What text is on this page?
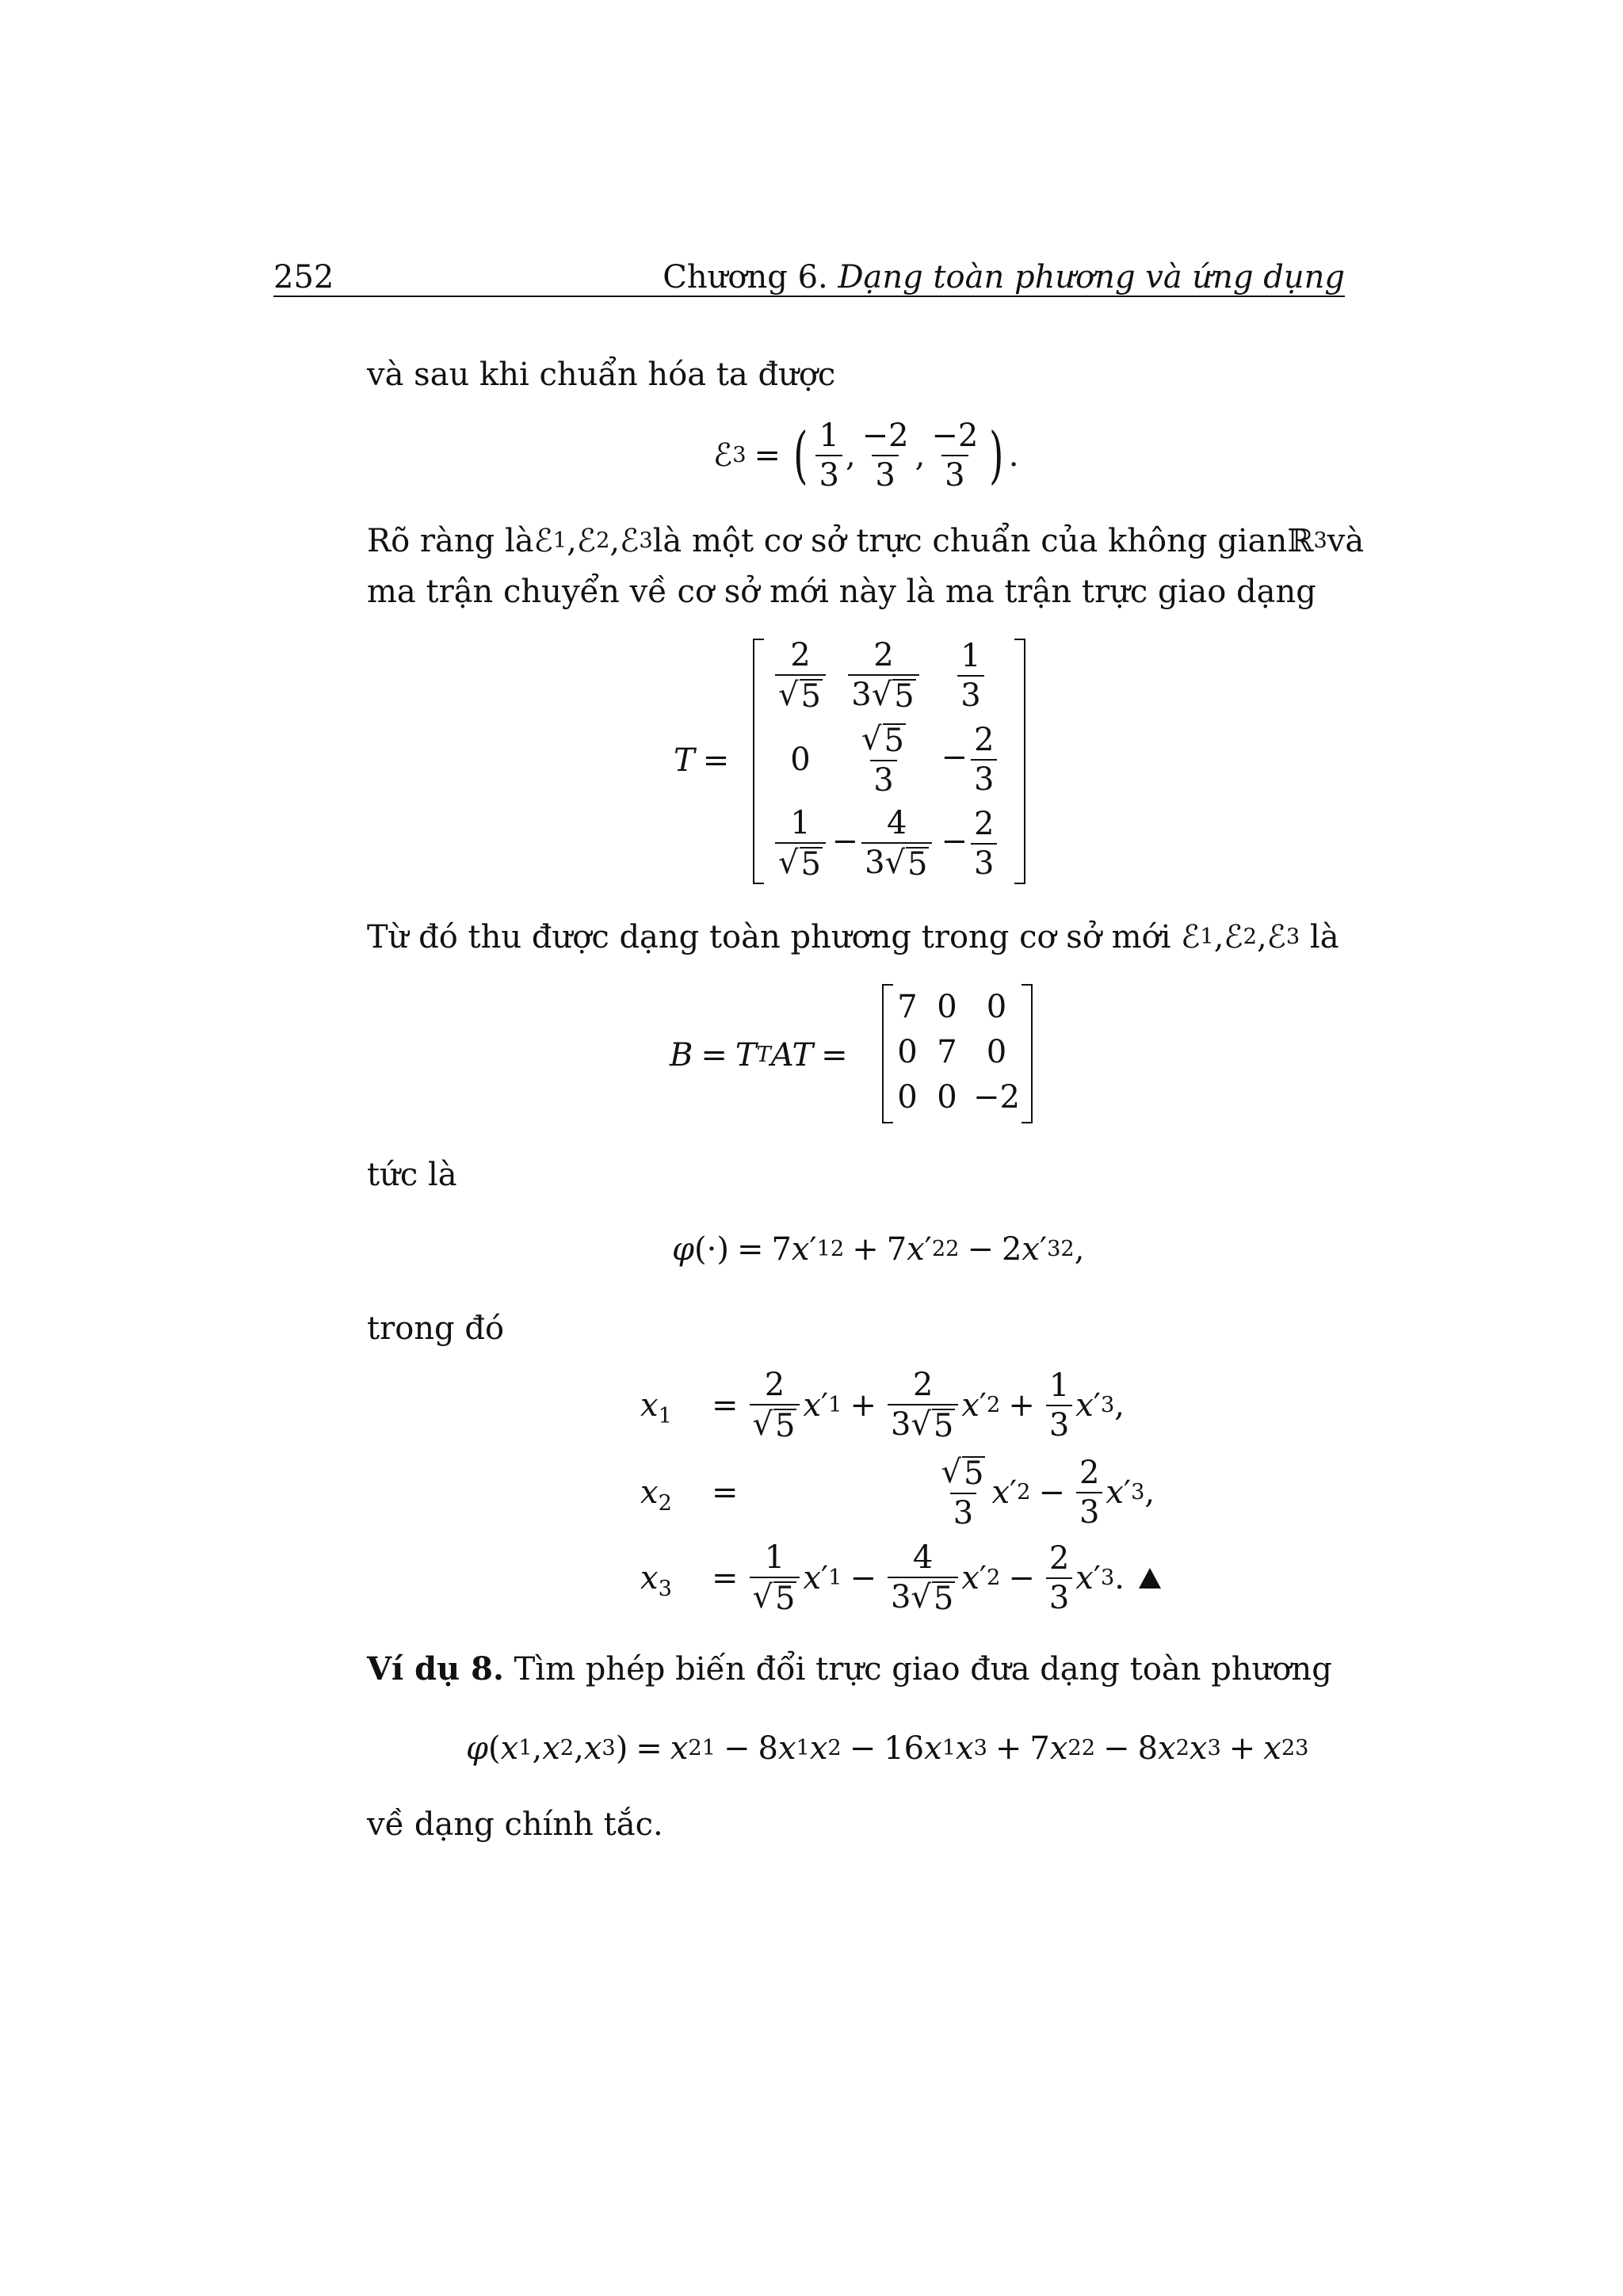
252	Chương 6. Dạng toàn phương và ứng dụng
và sau khi chuẩn hóa ta được
ℰ 3 = ( $\frac{1}{3}$ , $\frac{-2}{3}$ , $\frac{-2}{3}$ ) .
Rõ ràng là ℰ 1 , ℰ 2 , ℰ 3 là một cơ sở trực chuẩn của không gian ℝ 3 và
ma trận chuyển về cơ sở mới này là ma trận trực giao dạng
T =
$\frac{2}{√ 5} \frac{2}{3 √ 5} \frac{1}{3}$
$0 \frac{√ 5}{3} - \frac{2}{3}$
$\frac{1}{√ 5} - \frac{4}{3 √ 5} - \frac{2}{3}$
Từ đó thu được dạng toàn phương trong cơ sở mới ℰ 1 , ℰ 2 , ℰ 3 là
B = T T AT =
7 0 0
0 7 0
0 0 −2
tức là
φ (·) = 7 x ′ 1 2 + 7 x ′ 2 2 − 2 x ′ 3 2 ,
trong đó
$x_1$	= $\frac{2}{√ 5}$ x ′ $1 + \frac{2}{3 √ 5}$ x ′ $2 + \frac{1}{3}$ x ′ 3 ,
$x_2$	=	$\frac{√ 5}{3}$ x ′ $2 - \frac{2}{3}$ x ′ 3 ,
$x_3$	= $\frac{1}{√ 5}$ x ′ $1 - \frac{4}{3 √ 5}$ x ′ $2 - \frac{2}{3}$ x ′ 3 .
Ví dụ 8. Tìm phép biến đổi trực giao đưa dạng toàn phương
φ ( x 1 , x 2 , x 3 ) = x 2 1 − 8 x 1 x 2 − 16 x 1 x 3 + 7 x 2 2 − 8 x 2 x 3 + x 2 3
về dạng chính tắc.
